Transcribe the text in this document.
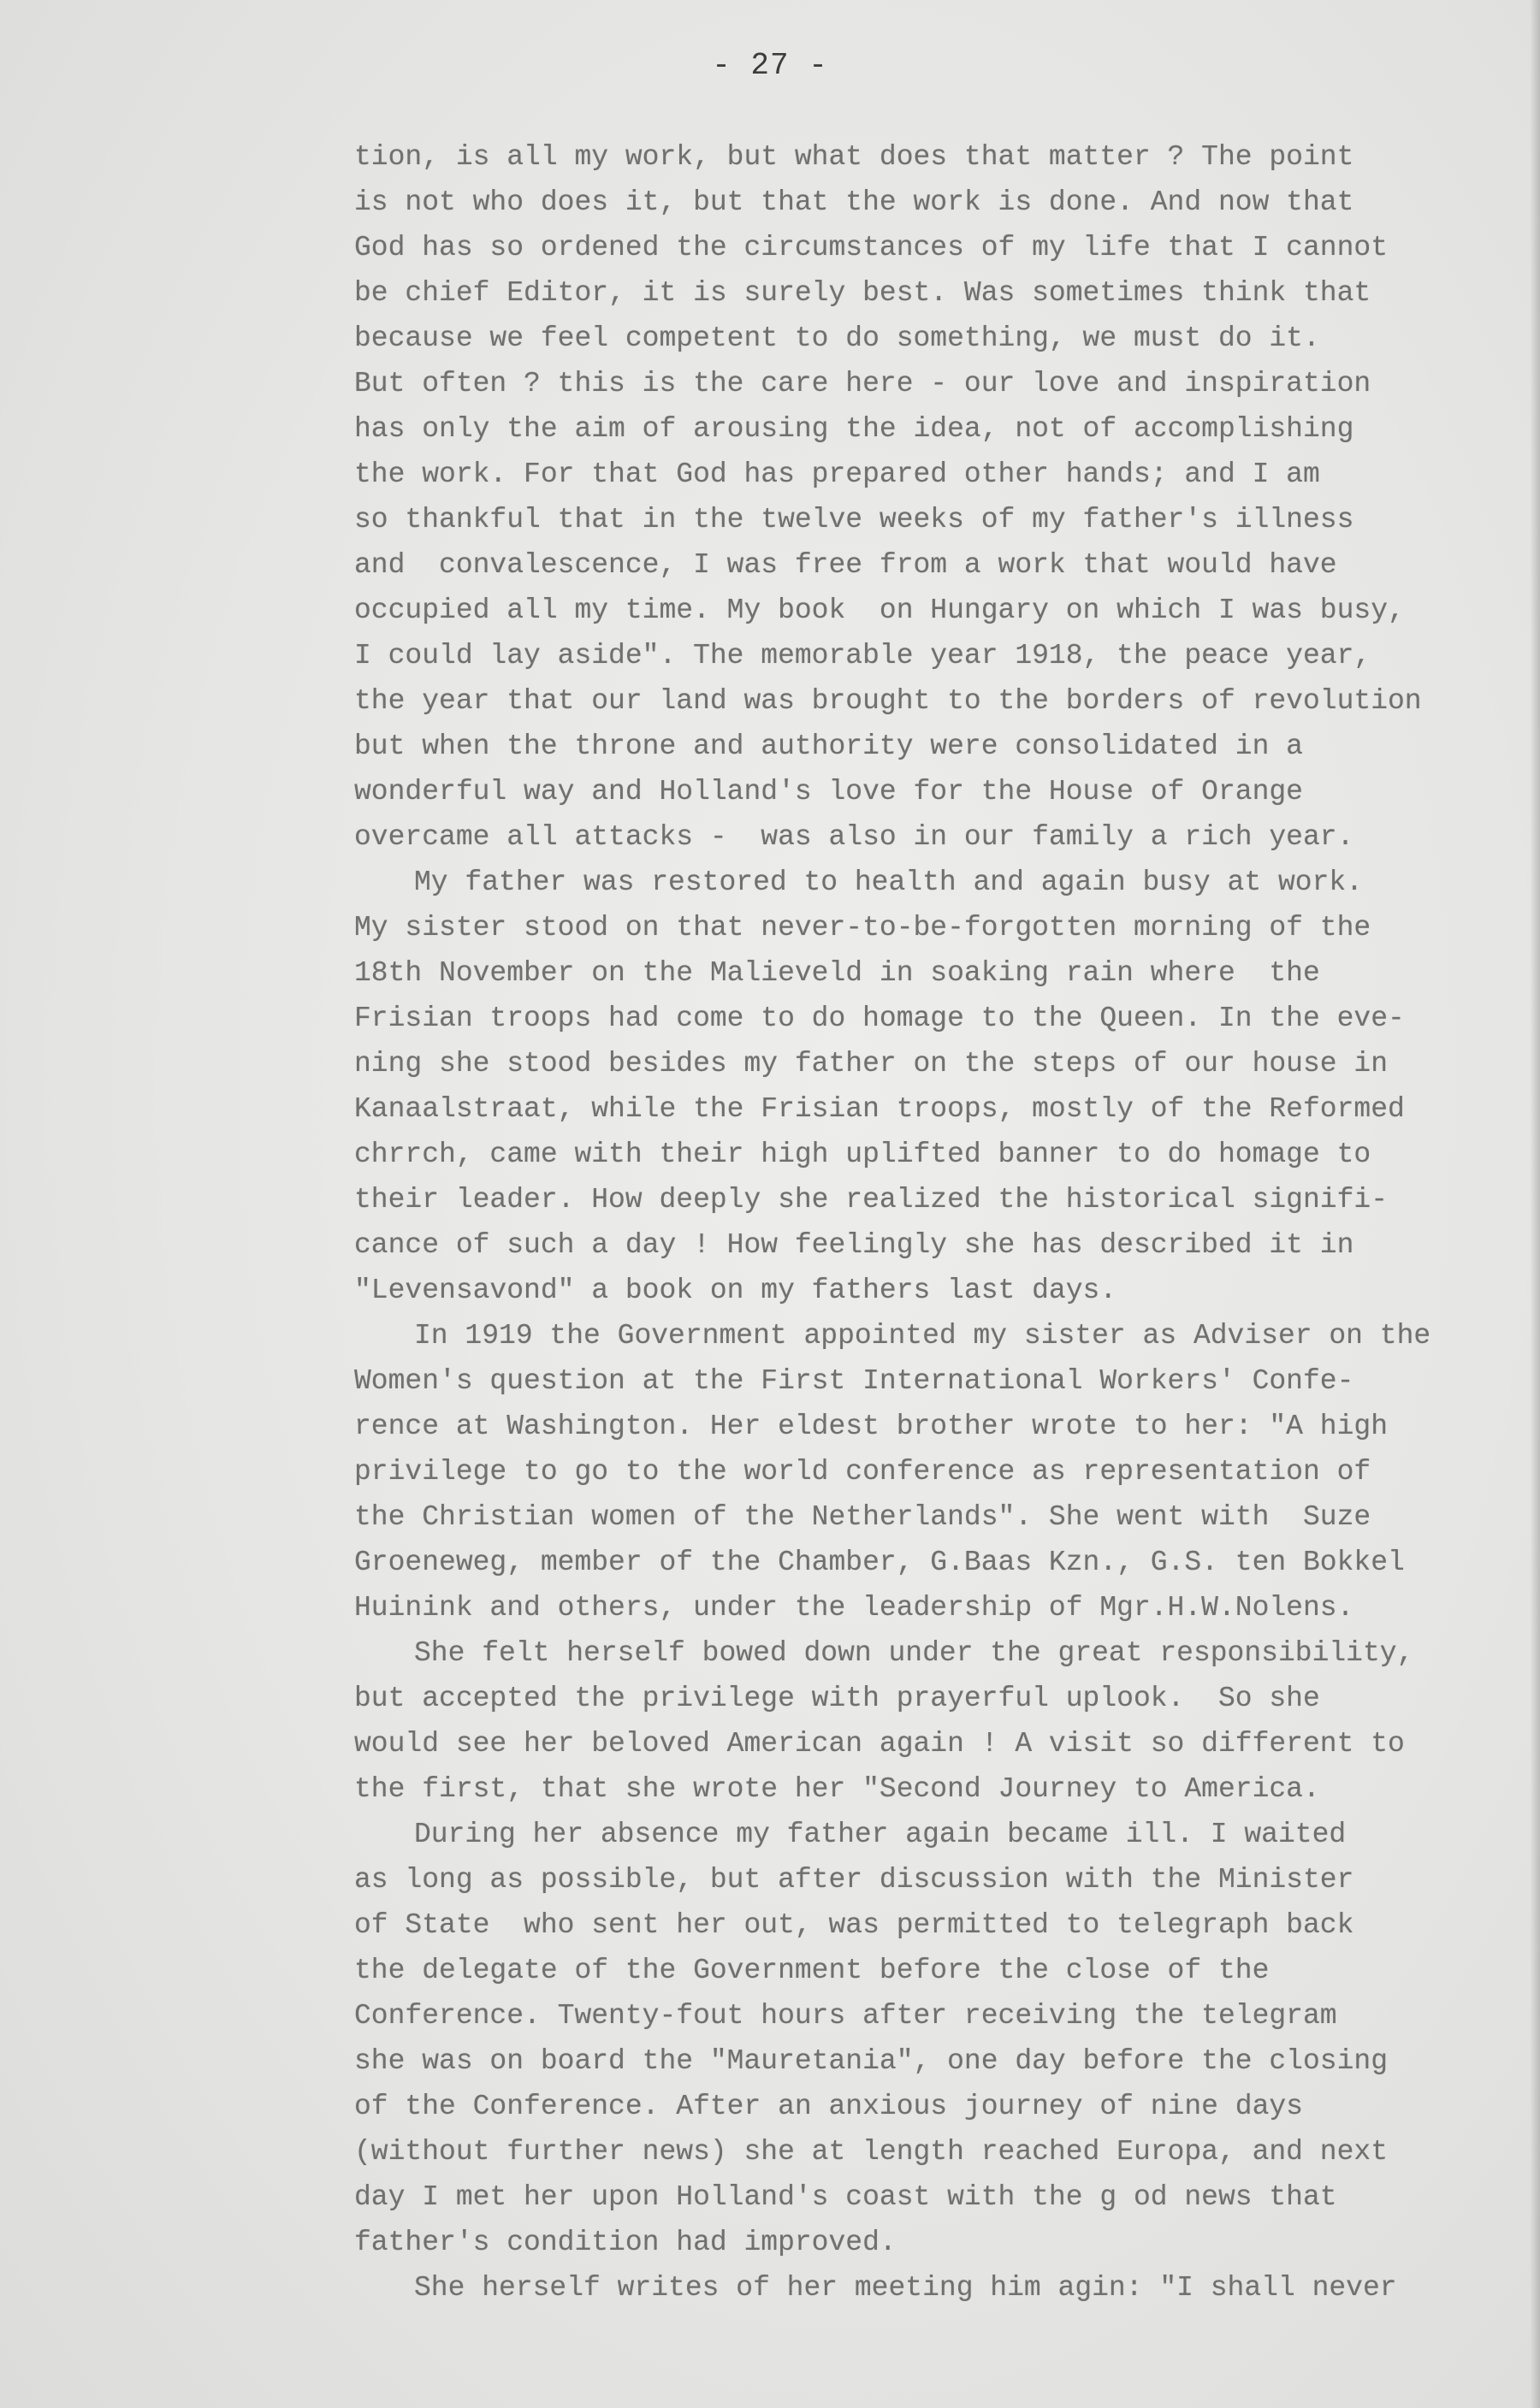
- 27 -
tion, is all my work, but what does that matter ? The point
is not who does it, but that the work is done. And now that
God has so ordened the circumstances of my life that I cannot
be chief Editor, it is surely best. Was sometimes think that
because we feel competent to do something, we must do it.
But often ? this is the care here - our love and inspiration
has only the aim of arousing the idea, not of accomplishing
the work. For that God has prepared other hands; and I am
so thankful that in the twelve weeks of my father's illness
and  convalescence, I was free from a work that would have
occupied all my time. My book  on Hungary on which I was busy,
I could lay aside". The memorable year 1918, the peace year,
the year that our land was brought to the borders of revolution
but when the throne and authority were consolidated in a
wonderful way and Holland's love for the House of Orange
overcame all attacks -  was also in our family a rich year.
My father was restored to health and again busy at work.
My sister stood on that never-to-be-forgotten morning of the
18th November on the Malieveld in soaking rain where  the
Frisian troops had come to do homage to the Queen. In the eve-
ning she stood besides my father on the steps of our house in
Kanaalstraat, while the Frisian troops, mostly of the Reformed
chrrch, came with their high uplifted banner to do homage to
their leader. How deeply she realized the historical signifi-
cance of such a day ! How feelingly she has described it in
"Levensavond" a book on my fathers last days.
In 1919 the Government appointed my sister as Adviser on the
Women's question at the First International Workers' Confe-
rence at Washington. Her eldest brother wrote to her: "A high
privilege to go to the world conference as representation of
the Christian women of the Netherlands". She went with  Suze
Groeneweg, member of the Chamber, G.Baas Kzn., G.S. ten Bokkel
Huinink and others, under the leadership of Mgr.H.W.Nolens.
She felt herself bowed down under the great responsibility,
but accepted the privilege with prayerful uplook.  So she
would see her beloved American again ! A visit so different to
the first, that she wrote her "Second Journey to America.
During her absence my father again became ill. I waited
as long as possible, but after discussion with the Minister
of State  who sent her out, was permitted to telegraph back
the delegate of the Government before the close of the
Conference. Twenty-fout hours after receiving the telegram
she was on board the "Mauretania", one day before the closing
of the Conference. After an anxious journey of nine days
(without further news) she at length reached Europa, and next
day I met her upon Holland's coast with the g od news that
father's condition had improved.
She herself writes of her meeting him agin: "I shall never
